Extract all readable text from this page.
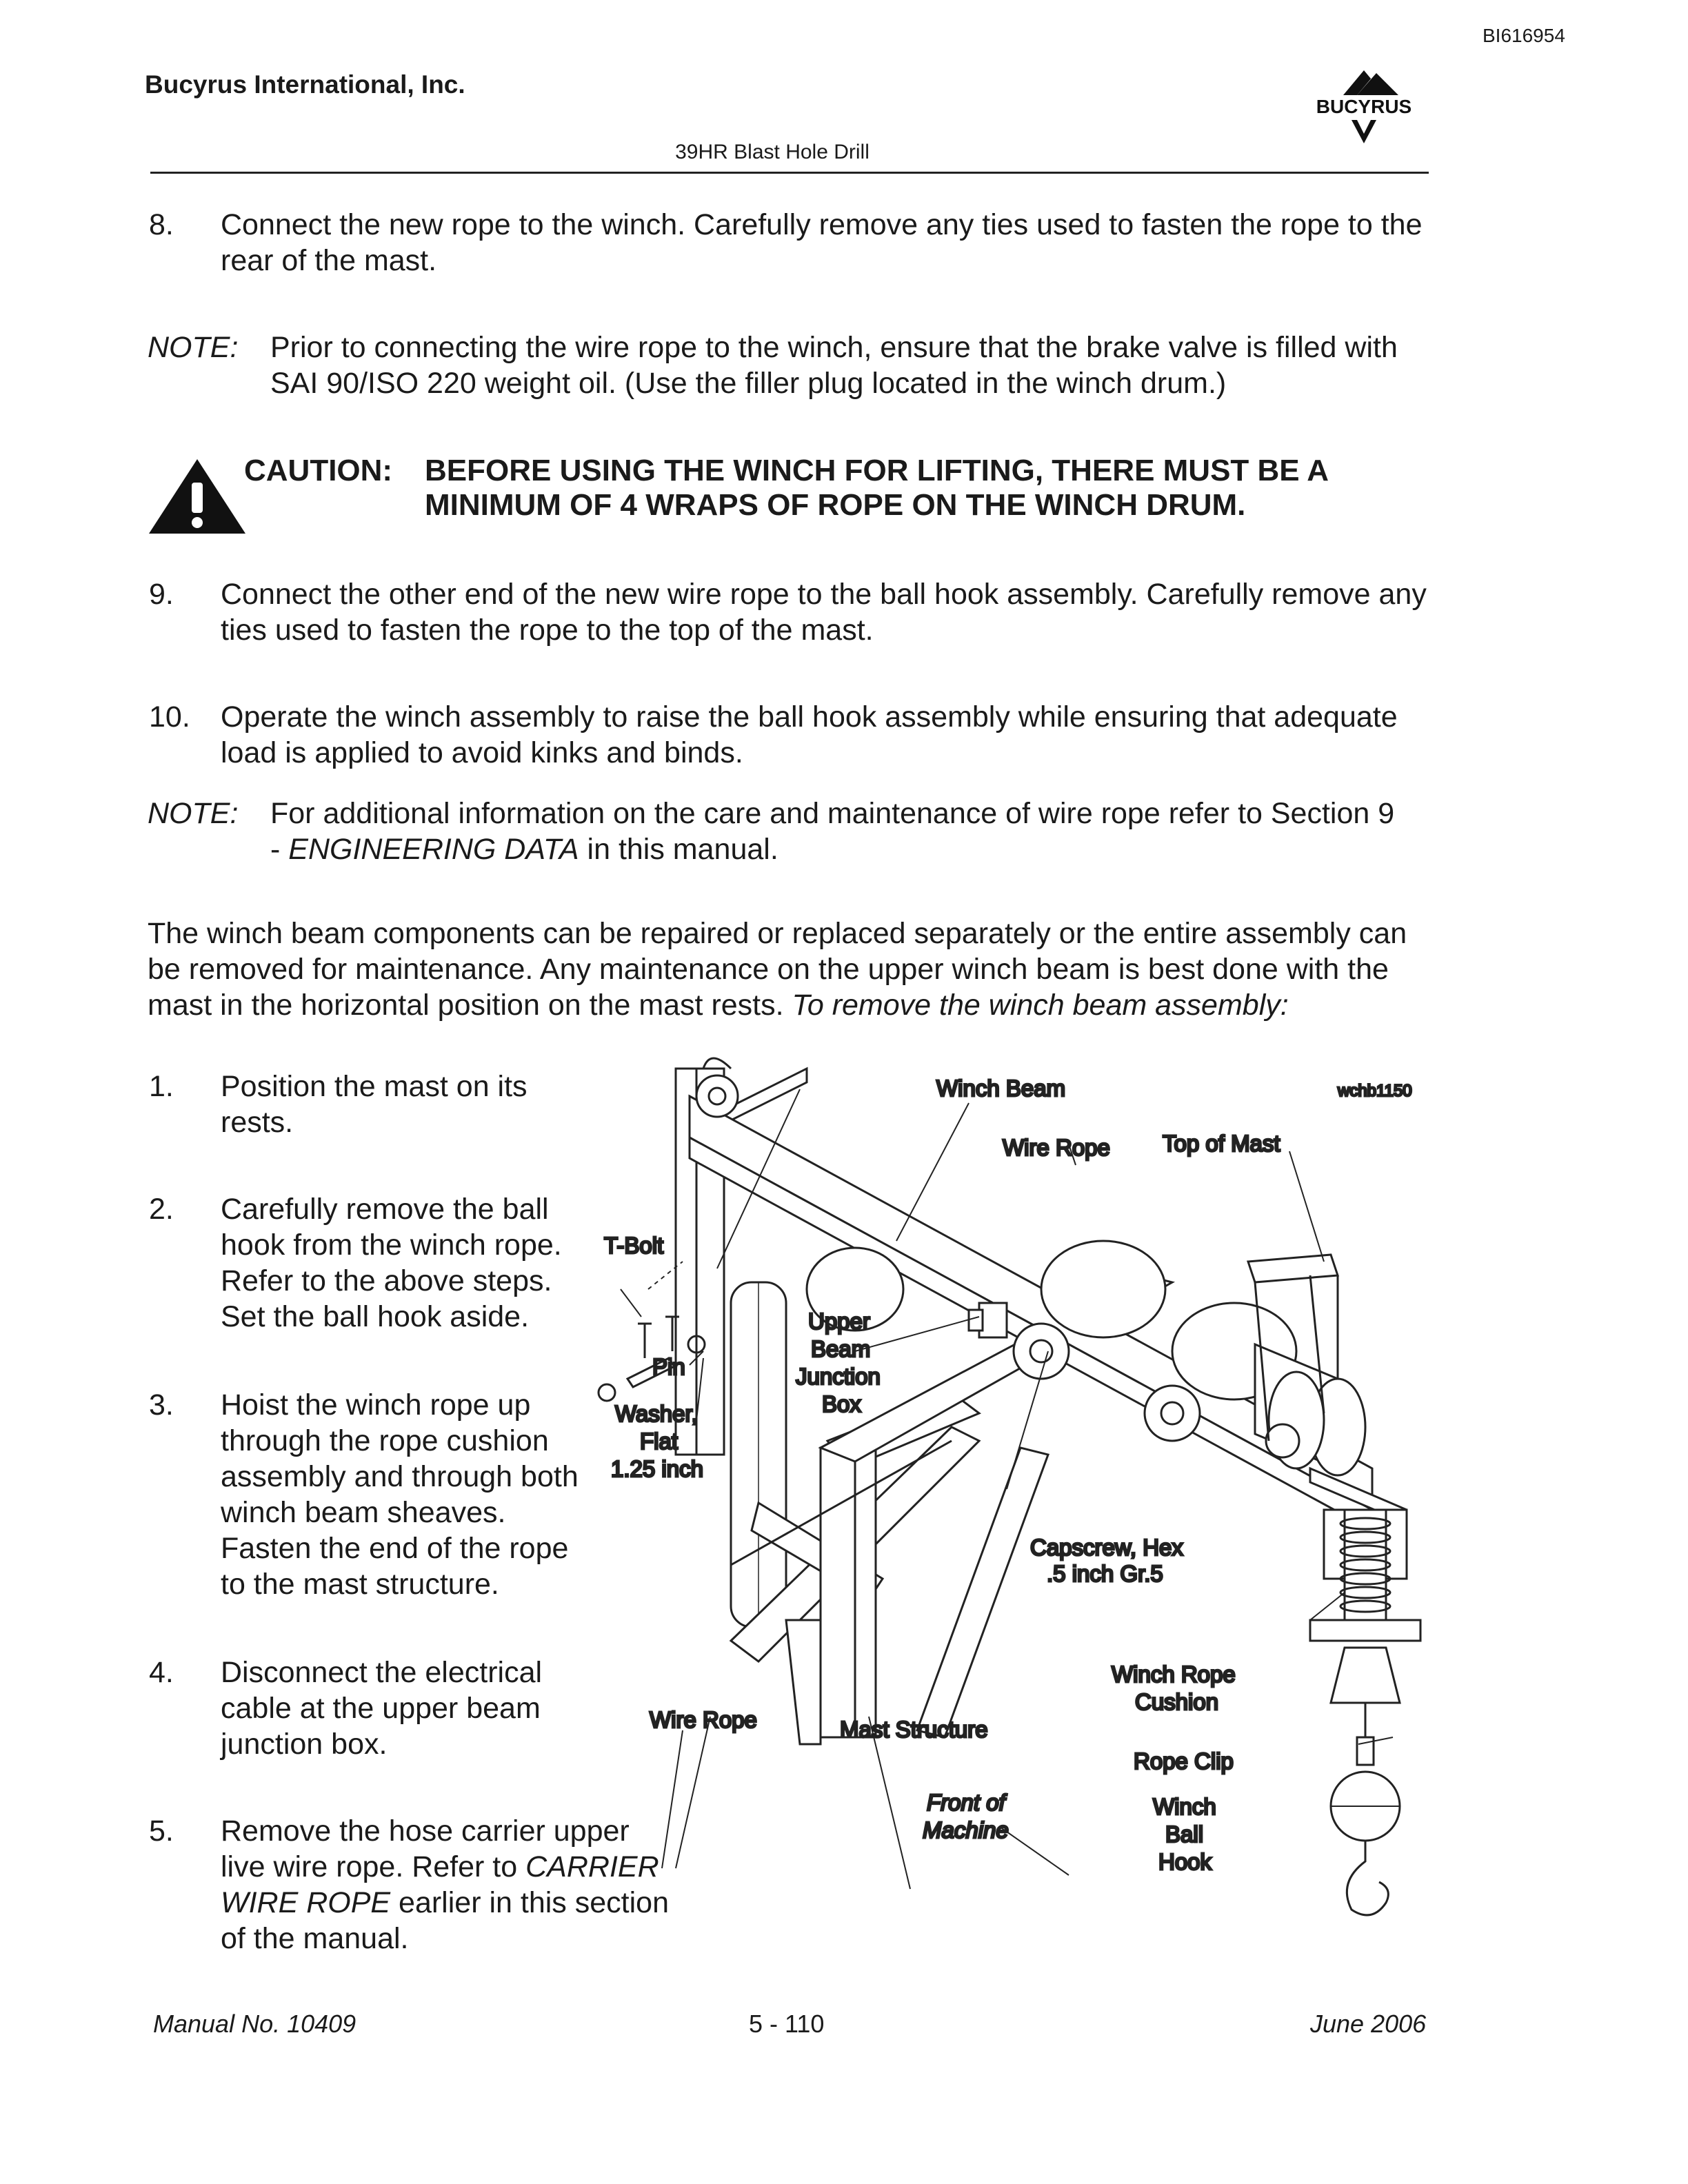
BI616954
Bucyrus International, Inc.
39HR Blast Hole Drill
BUCYRUS
8. Connect the new rope to the winch. Carefully remove any ties used to fasten the rope to the
rear of the mast.
NOTE: Prior to connecting the wire rope to the winch, ensure that the brake valve is filled with
SAI 90/ISO 220 weight oil. (Use the filler plug located in the winch drum.)
CAUTION: BEFORE USING THE WINCH FOR LIFTING, THERE MUST BE A
MINIMUM OF 4 WRAPS OF ROPE ON THE WINCH DRUM.
9. Connect the other end of the new wire rope to the ball hook assembly. Carefully remove any
ties used to fasten the rope to the top of the mast.
10. Operate the winch assembly to raise the ball hook assembly while ensuring that adequate
load is applied to avoid kinks and binds.
NOTE: For additional information on the care and maintenance of wire rope refer to Section 9
- ENGINEERING DATA in this manual.
The winch beam components can be repaired or replaced separately or the entire assembly can
be removed for maintenance. Any maintenance on the upper winch beam is best done with the
mast in the horizontal position on the mast rests. To remove the winch beam assembly:
1. Position the mast on its
rests.
2. Carefully remove the ball
hook from the winch rope.
Refer to the above steps.
Set the ball hook aside.
3. Hoist the winch rope up
through the rope cushion
assembly and through both
winch beam sheaves.
Fasten the end of the rope
to the mast structure.
4. Disconnect the electrical
cable at the upper beam
junction box.
5. Remove the hose carrier upper
live wire rope. Refer to CARRIER
WIRE ROPE earlier in this section
of the manual.
Winch Beam	wchb1150
Wire Rope Top of Mast
T-Bolt
Pin
Washer,
Flat
1.25 inch
Upper
Beam
Junction
Box
Capscrew, Hex
.5 inch Gr.5
Winch Rope
Cushion
Wire Rope	Mast Structure
Rope Clip
Front of
Machine
Winch
Ball
Hook
Manual No. 10409	5 - 110	June 2006
